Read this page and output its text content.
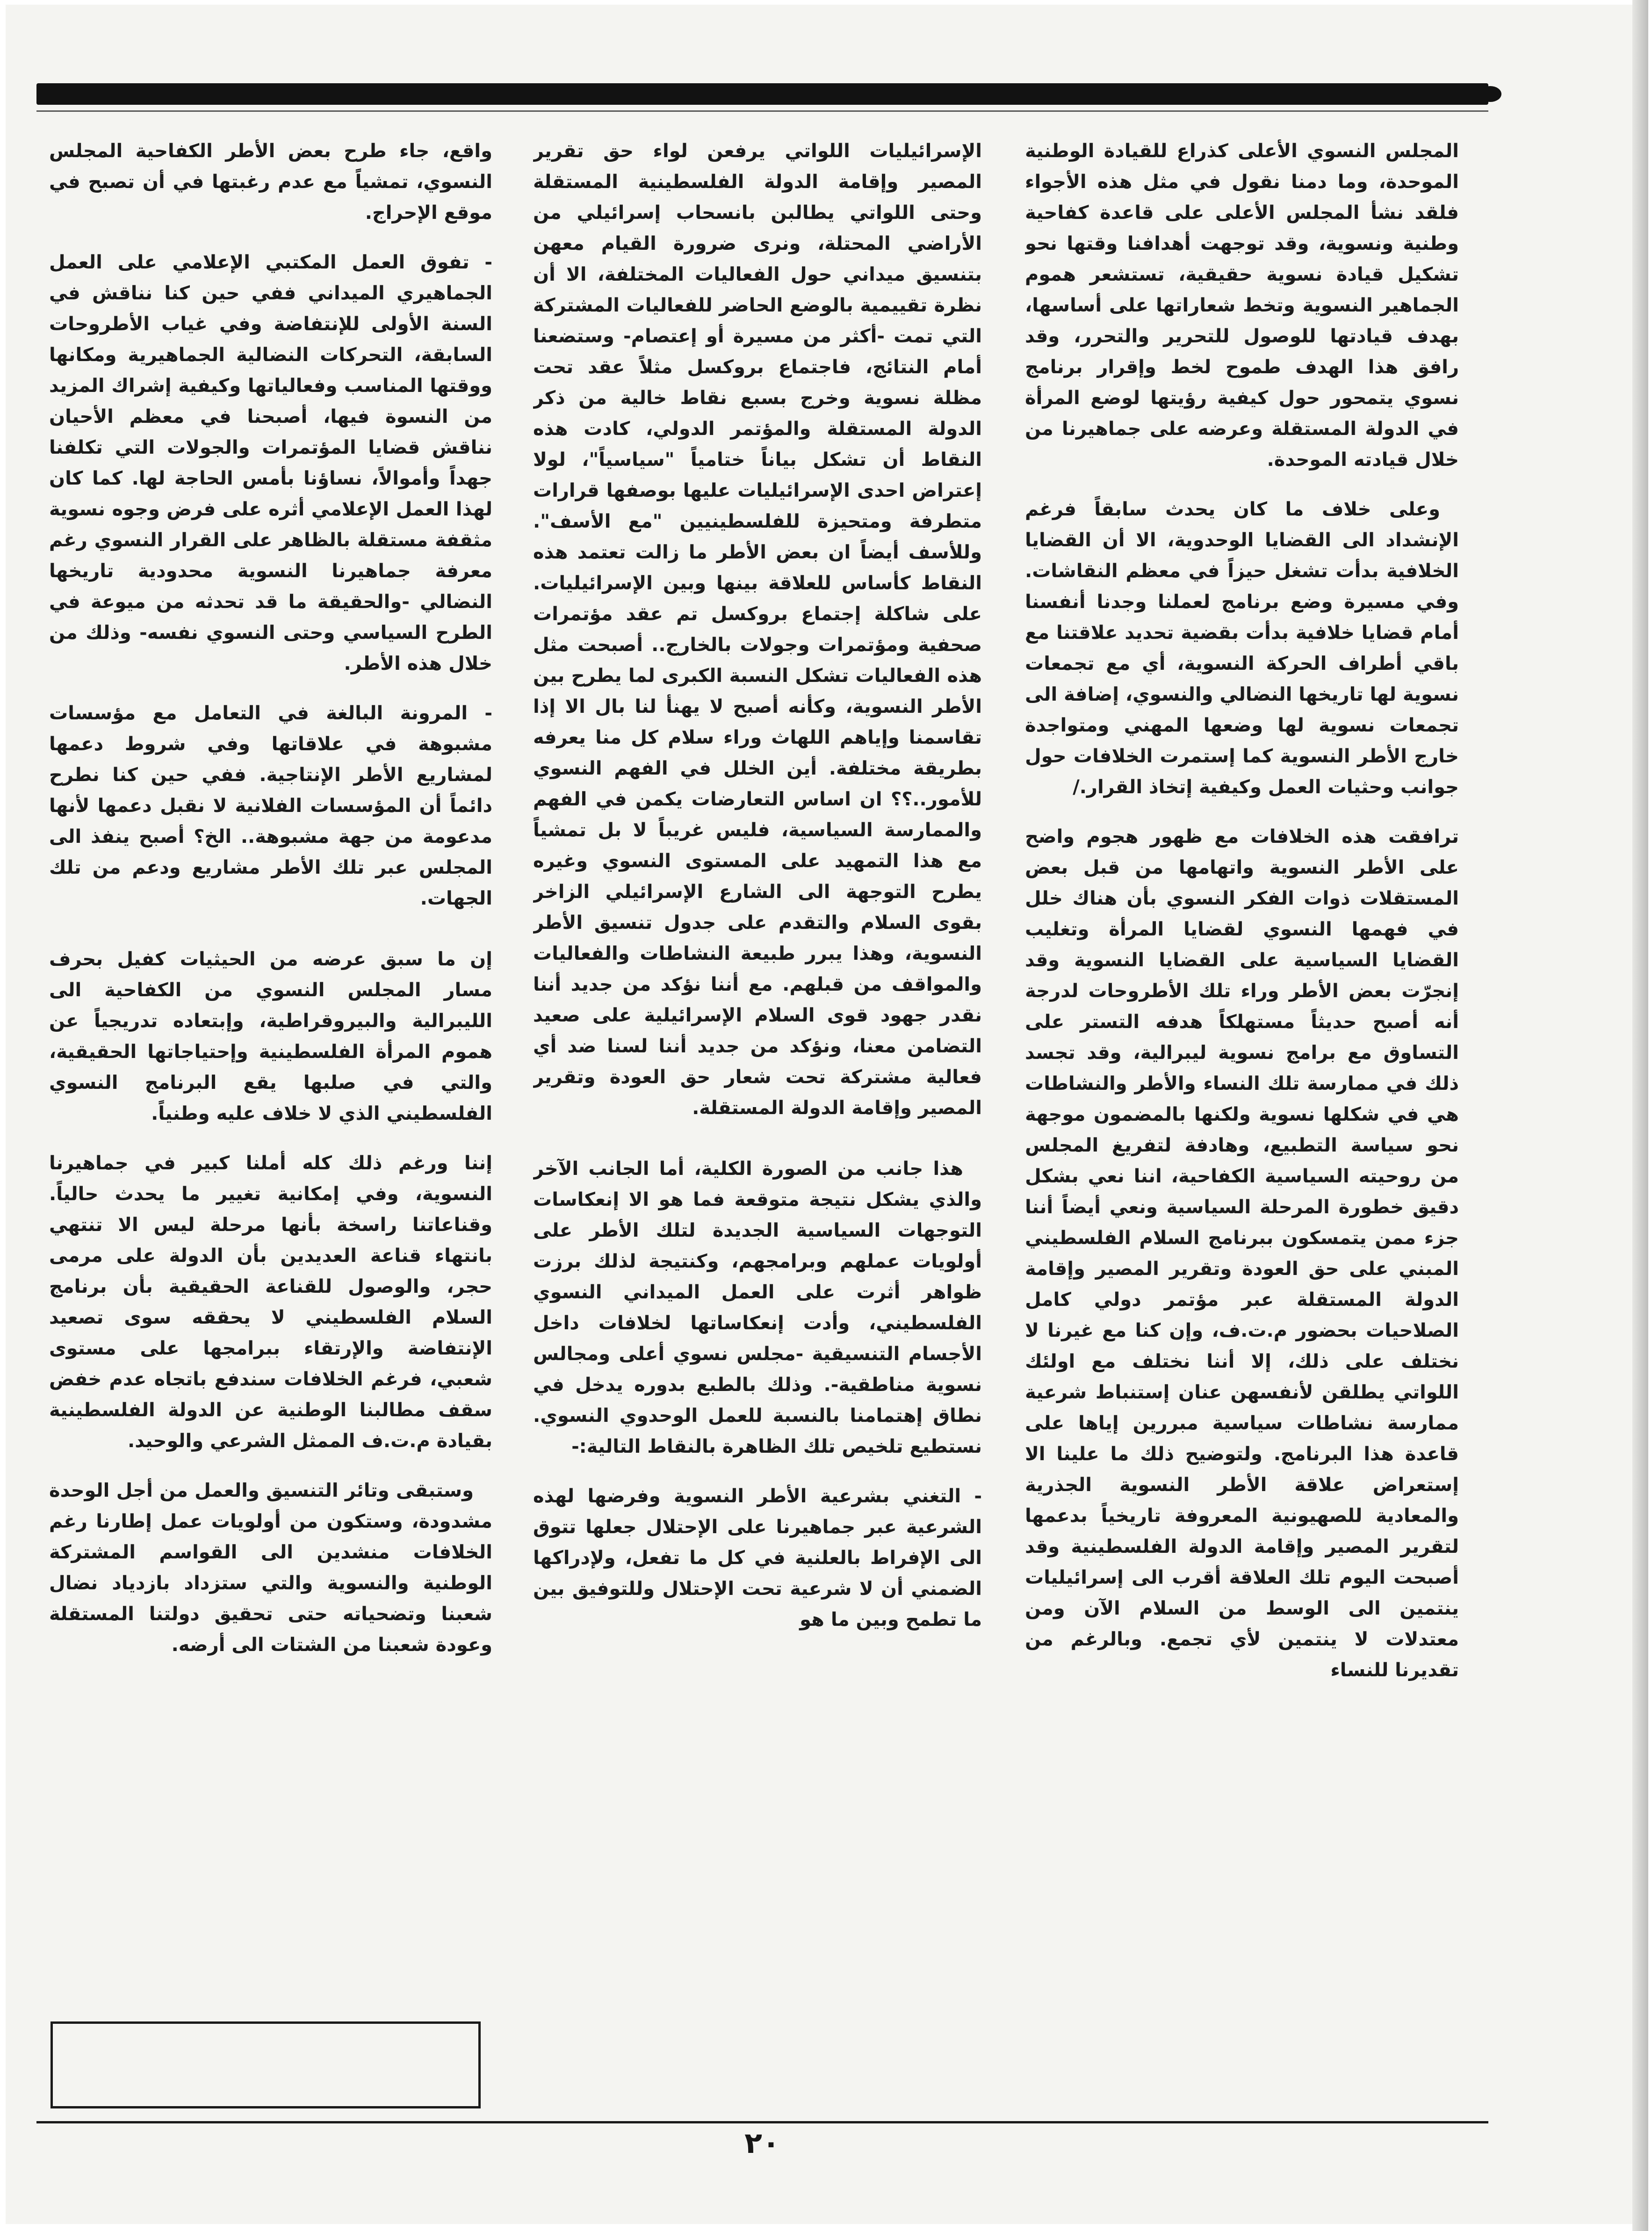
المجلس النسوي الأعلى كذراع للقيادة الوطنية الموحدة، وما دمنا نقول في مثل هذه الأجواء فلقد نشأ المجلس الأعلى على قاعدة كفاحية وطنية ونسوية، وقد توجهت أهدافنا وقتها نحو تشكيل قيادة نسوية حقيقية، تستشعر هموم الجماهير النسوية وتخط شعاراتها على أساسها، بهدف قيادتها للوصول للتحرير والتحرر، وقد رافق هذا الهدف طموح لخط وإقرار برنامج نسوي يتمحور حول كيفية رؤيتها لوضع المرأة في الدولة المستقلة وعرضه على جماهيرنا من خلال قيادته الموحدة.

وعلى خلاف ما كان يحدث سابقاً فرغم الإنشداد الى القضايا الوحدوية، الا أن القضايا الخلافية بدأت تشغل حيزاً في معظم النقاشات. وفي مسيرة وضع برنامج لعملنا وجدنا أنفسنا أمام قضايا خلافية بدأت بقضية تحديد علاقتنا مع باقي أطراف الحركة النسوية، أي مع تجمعات نسوية لها تاريخها النضالي والنسوي، إضافة الى تجمعات نسوية لها وضعها المهني ومتواجدة خارج الأطر النسوية كما إستمرت الخلافات حول جوانب وحثيات العمل وكيفية إتخاذ القرار./

ترافقت هذه الخلافات مع ظهور هجوم واضح على الأطر النسوية واتهامها من قبل بعض المستقلات ذوات الفكر النسوي بأن هناك خلل في فهمها النسوي لقضايا المرأة وتغليب القضايا السياسية على القضايا النسوية وقد إنجرّت بعض الأطر وراء تلك الأطروحات لدرجة أنه أصبح حديثاً مستهلكاً هدفه التستر على التساوق مع برامج نسوية ليبرالية، وقد تجسد ذلك في ممارسة تلك النساء والأطر والنشاطات هي في شكلها نسوية ولكنها بالمضمون موجهة نحو سياسة التطبيع، وهادفة لتفريغ المجلس من روحيته السياسية الكفاحية، اننا نعي بشكل دقيق خطورة المرحلة السياسية ونعي أيضاً أننا جزء ممن يتمسكون ببرنامج السلام الفلسطيني المبني على حق العودة وتقرير المصير وإقامة الدولة المستقلة عبر مؤتمر دولي كامل الصلاحيات بحضور م.ت.ف، وإن كنا مع غيرنا لا نختلف على ذلك، إلا أننا نختلف مع اولئك اللواتي يطلقن لأنفسهن عنان إستنباط شرعية ممارسة نشاطات سياسية مبررين إياها على قاعدة هذا البرنامج. ولتوضيح ذلك ما علينا الا إستعراض علاقة الأطر النسوية الجذرية والمعادية للصهيونية المعروفة تاريخياً بدعمها لتقرير المصير وإقامة الدولة الفلسطينية وقد أصبحت اليوم تلك العلاقة أقرب الى إسرائيليات ينتمين الى الوسط من السلام الآن ومن معتدلات لا ينتمين لأي تجمع. وبالرغم من تقديرنا للنساء

الإسرائيليات اللواتي يرفعن لواء حق تقرير المصير وإقامة الدولة الفلسطينية المستقلة وحتى اللواتي يطالبن بانسحاب إسرائيلي من الأراضي المحتلة، ونرى ضرورة القيام معهن بتنسيق ميداني حول الفعاليات المختلفة، الا أن نظرة تقييمية بالوضع الحاضر للفعاليات المشتركة التي تمت -أكثر من مسيرة أو إعتصام- وستضعنا أمام النتائج، فاجتماع بروكسل مثلاً عقد تحت مظلة نسوية وخرج بسبع نقاط خالية من ذكر الدولة المستقلة والمؤتمر الدولي، كادت هذه النقاط أن تشكل بياناً ختامياً "سياسياً"، لولا إعتراض احدى الإسرائيليات عليها بوصفها قرارات متطرفة ومتحيزة للفلسطينيين "مع الأسف". وللأسف أيضاً ان بعض الأطر ما زالت تعتمد هذه النقاط كأساس للعلاقة بينها وبين الإسرائيليات. على شاكلة إجتماع بروكسل تم عقد مؤتمرات صحفية ومؤتمرات وجولات بالخارج.. أصبحت مثل هذه الفعاليات تشكل النسبة الكبرى لما يطرح بين الأطر النسوية، وكأنه أصبح لا يهنأ لنا بال الا إذا تقاسمنا وإياهم اللهاث وراء سلام كل منا يعرفه بطريقة مختلفة. أين الخلل في الفهم النسوي للأمور..؟؟ ان اساس التعارضات يكمن في الفهم والممارسة السياسية، فليس غريباً لا بل تمشياً مع هذا التمهيد على المستوى النسوي وغيره يطرح التوجهة الى الشارع الإسرائيلي الزاخر بقوى السلام والتقدم على جدول تنسيق الأطر النسوية، وهذا يبرر طبيعة النشاطات والفعاليات والمواقف من قبلهم. مع أننا نؤكد من جديد أننا نقدر جهود قوى السلام الإسرائيلية على صعيد التضامن معنا، ونؤكد من جديد أننا لسنا ضد أي فعالية مشتركة تحت شعار حق العودة وتقرير المصير وإقامة الدولة المستقلة.

هذا جانب من الصورة الكلية، أما الجانب الآخر والذي يشكل نتيجة متوقعة فما هو الا إنعكاسات التوجهات السياسية الجديدة لتلك الأطر على أولويات عملهم وبرامجهم، وكنتيجة لذلك برزت ظواهر أثرت على العمل الميداني النسوي الفلسطيني، وأدت إنعكاساتها لخلافات داخل الأجسام التنسيقية -مجلس نسوي أعلى ومجالس نسوية مناطقية-. وذلك بالطبع بدوره يدخل في نطاق إهتمامنا بالنسبة للعمل الوحدوي النسوي. نستطيع تلخيص تلك الظاهرة بالنقاط التالية:-

- التغني بشرعية الأطر النسوية وفرضها لهذه الشرعية عبر جماهيرنا على الإحتلال جعلها تتوق الى الإفراط بالعلنية في كل ما تفعل، ولإدراكها الضمني أن لا شرعية تحت الإحتلال وللتوفيق بين ما تطمح وبين ما هو

واقع، جاء طرح بعض الأطر الكفاحية المجلس النسوي، تمشياً مع عدم رغبتها في أن تصبح في موقع الإحراج.

- تفوق العمل المكتبي الإعلامي على العمل الجماهيري الميداني ففي حين كنا نناقش في السنة الأولى للإنتفاضة وفي غياب الأطروحات السابقة، التحركات النضالية الجماهيرية ومكانها ووقتها المناسب وفعالياتها وكيفية إشراك المزيد من النسوة فيها، أصبحنا في معظم الأحيان نناقش قضايا المؤتمرات والجولات التي تكلفنا جهداً وأموالاً، نساؤنا بأمس الحاجة لها. كما كان لهذا العمل الإعلامي أثره على فرض وجوه نسوية مثقفة مستقلة بالظاهر على القرار النسوي رغم معرفة جماهيرنا النسوية محدودية تاريخها النضالي -والحقيقة ما قد تحدثه من ميوعة في الطرح السياسي وحتى النسوي نفسه- وذلك من خلال هذه الأطر.

- المرونة البالغة في التعامل مع مؤسسات مشبوهة في علاقاتها وفي شروط دعمها لمشاريع الأطر الإنتاجية. ففي حين كنا نطرح دائماً أن المؤسسات الفلانية لا نقبل دعمها لأنها مدعومة من جهة مشبوهة.. الخ؟ أصبح ينفذ الى المجلس عبر تلك الأطر مشاريع ودعم من تلك الجهات.

إن ما سبق عرضه من الحيثيات كفيل بحرف مسار المجلس النسوي من الكفاحية الى الليبرالية والبيروقراطية، وإبتعاده تدريجياً عن هموم المرأة الفلسطينية وإحتياجاتها الحقيقية، والتي في صلبها يقع البرنامج النسوي الفلسطيني الذي لا خلاف عليه وطنياً.

إننا ورغم ذلك كله أملنا كبير في جماهيرنا النسوية، وفي إمكانية تغيير ما يحدث حالياً. وقناعاتنا راسخة بأنها مرحلة ليس الا تنتهي بانتهاء قناعة العديدين بأن الدولة على مرمى حجر، والوصول للقناعة الحقيقية بأن برنامج السلام الفلسطيني لا يحققه سوى تصعيد الإنتفاضة والإرتقاء ببرامجها على مستوى شعبي، فرغم الخلافات سندفع باتجاه عدم خفض سقف مطالبنا الوطنية عن الدولة الفلسطينية بقيادة م.ت.ف الممثل الشرعي والوحيد.

وستبقى وتائر التنسيق والعمل من أجل الوحدة مشدودة، وستكون من أولويات عمل إطارنا رغم الخلافات منشدين الى القواسم المشتركة الوطنية والنسوية والتي ستزداد بازدياد نضال شعبنا وتضحياته حتى تحقيق دولتنا المستقلة وعودة شعبنا من الشتات الى أرضه.

٢٠
